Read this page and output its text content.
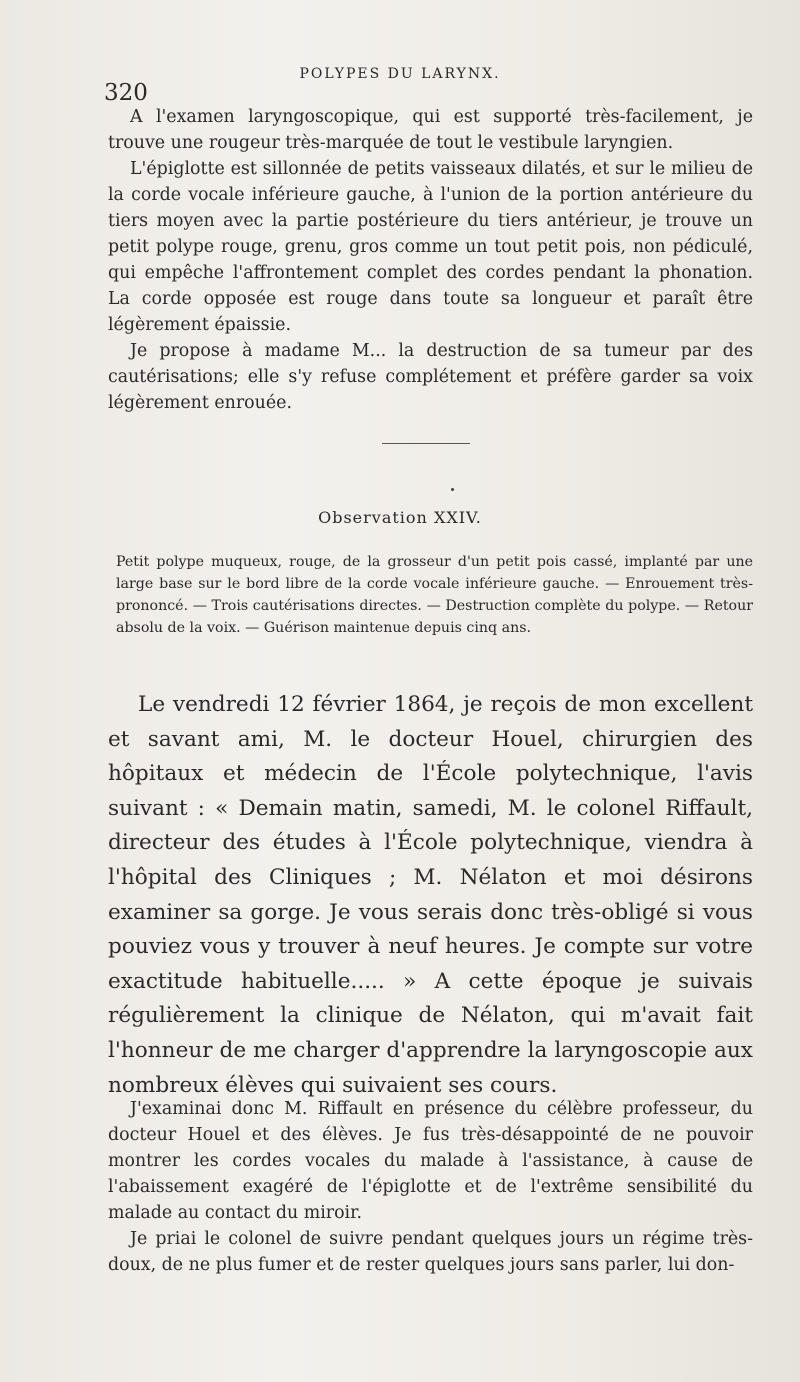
320
POLYPES DU LARYNX.

A l'examen laryngoscopique, qui est supporté très-facilement, je trouve une rougeur très-marquée de tout le vestibule laryngien.

L'épiglotte est sillonnée de petits vaisseaux dilatés, et sur le milieu de la corde vocale inférieure gauche, à l'union de la portion antérieure du tiers moyen avec la partie postérieure du tiers antérieur, je trouve un petit polype rouge, grenu, gros comme un tout petit pois, non pédiculé, qui empêche l'affrontement complet des cordes pendant la phonation. La corde opposée est rouge dans toute sa longueur et paraît être légèrement épaissie.

Je propose à madame M... la destruction de sa tumeur par des cautérisations; elle s'y refuse complétement et préfère garder sa voix légèrement enrouée.

Observation XXIV.
Petit polype muqueux, rouge, de la grosseur d'un petit pois cassé, implanté par une large base sur le bord libre de la corde vocale inférieure gauche. — Enrouement très-prononcé. — Trois cautérisations directes. — Destruction complète du polype. — Retour absolu de la voix. — Guérison maintenue depuis cinq ans.

Le vendredi 12 février 1864, je reçois de mon excellent et savant ami, M. le docteur Houel, chirurgien des hôpitaux et médecin de l'École polytechnique, l'avis suivant : « Demain matin, samedi, M. le colonel Riffault, directeur des études à l'École polytechnique, viendra à l'hôpital des Cliniques ; M. Nélaton et moi désirons examiner sa gorge. Je vous serais donc très-obligé si vous pouviez vous y trouver à neuf heures. Je compte sur votre exactitude habituelle..... » A cette époque je suivais régulièrement la clinique de Nélaton, qui m'avait fait l'honneur de me charger d'apprendre la laryngoscopie aux nombreux élèves qui suivaient ses cours.

J'examinai donc M. Riffault en présence du célèbre professeur, du docteur Houel et des élèves. Je fus très-désappointé de ne pouvoir montrer les cordes vocales du malade à l'assistance, à cause de l'abaissement exagéré de l'épiglotte et de l'extrême sensibilité du malade au contact du miroir.

Je priai le colonel de suivre pendant quelques jours un régime très-doux, de ne plus fumer et de rester quelques jours sans parler, lui don-
